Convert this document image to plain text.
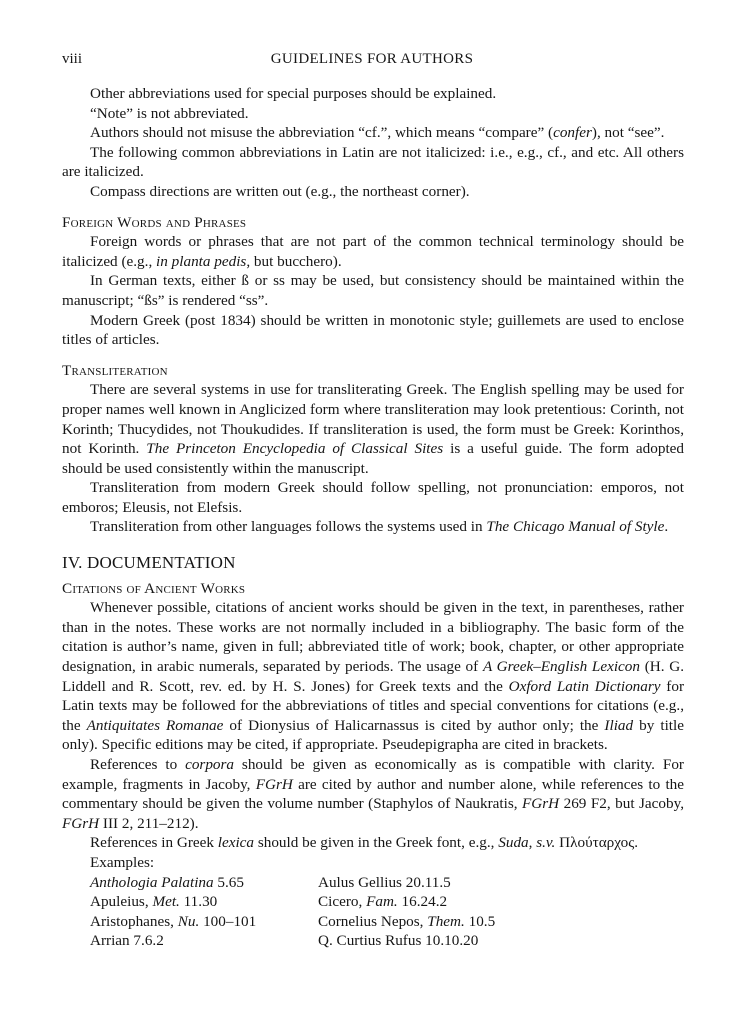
viii	GUIDELINES FOR AUTHORS

Other abbreviations used for special purposes should be explained.

“Note” is not abbreviated.

Authors should not misuse the abbreviation “cf.”, which means “compare” (confer), not “see”.

The following common abbreviations in Latin are not italicized: i.e., e.g., cf., and etc. All others are italicized.

Compass directions are written out (e.g., the northeast corner).

Foreign Words and Phrases

Foreign words or phrases that are not part of the common technical terminology should be italicized (e.g., in planta pedis, but bucchero).

In German texts, either ß or ss may be used, but consistency should be maintained within the manuscript; “ßs” is rendered “ss”.

Modern Greek (post 1834) should be written in monotonic style; guillemets are used to enclose titles of articles.

Transliteration

There are several systems in use for transliterating Greek. The English spelling may be used for proper names well known in Anglicized form where transliteration may look pretentious: Corinth, not Korinth; Thucydides, not Thoukudides. If transliteration is used, the form must be Greek: Korinthos, not Korinth. The Princeton Encyclopedia of Classical Sites is a useful guide. The form adopted should be used consistently within the manuscript.

Transliteration from modern Greek should follow spelling, not pronunciation: emporos, not emboros; Eleusis, not Elefsis.

Transliteration from other languages follows the systems used in The Chicago Manual of Style.

IV. DOCUMENTATION
Citations of Ancient Works

Whenever possible, citations of ancient works should be given in the text, in parentheses, rather than in the notes. These works are not normally included in a bibliography. The basic form of the citation is author’s name, given in full; abbreviated title of work; book, chapter, or other appropriate designation, in arabic numerals, separated by periods. The usage of A Greek–English Lexicon (H. G. Liddell and R. Scott, rev. ed. by H. S. Jones) for Greek texts and the Oxford Latin Dictionary for Latin texts may be followed for the abbreviations of titles and special conventions for citations (e.g., the Antiquitates Romanae of Dionysius of Halicarnassus is cited by author only; the Iliad by title only). Specific editions may be cited, if appropriate. Pseudepigrapha are cited in brackets.

References to corpora should be given as economically as is compatible with clarity. For example, fragments in Jacoby, FGrH are cited by author and number alone, while references to the commentary should be given the volume number (Staphylos of Naukratis, FGrH 269 F2, but Jacoby, FGrH III 2, 211–212).

References in Greek lexica should be given in the Greek font, e.g., Suda, s.v. Πλούταρχος.

Examples:

Anthologia Palatina 5.65	Aulus Gellius 20.11.5
Apuleius, Met. 11.30	Cicero, Fam. 16.24.2
Aristophanes, Nu. 100–101	Cornelius Nepos, Them. 10.5
Arrian 7.6.2	Q. Curtius Rufus 10.10.20
